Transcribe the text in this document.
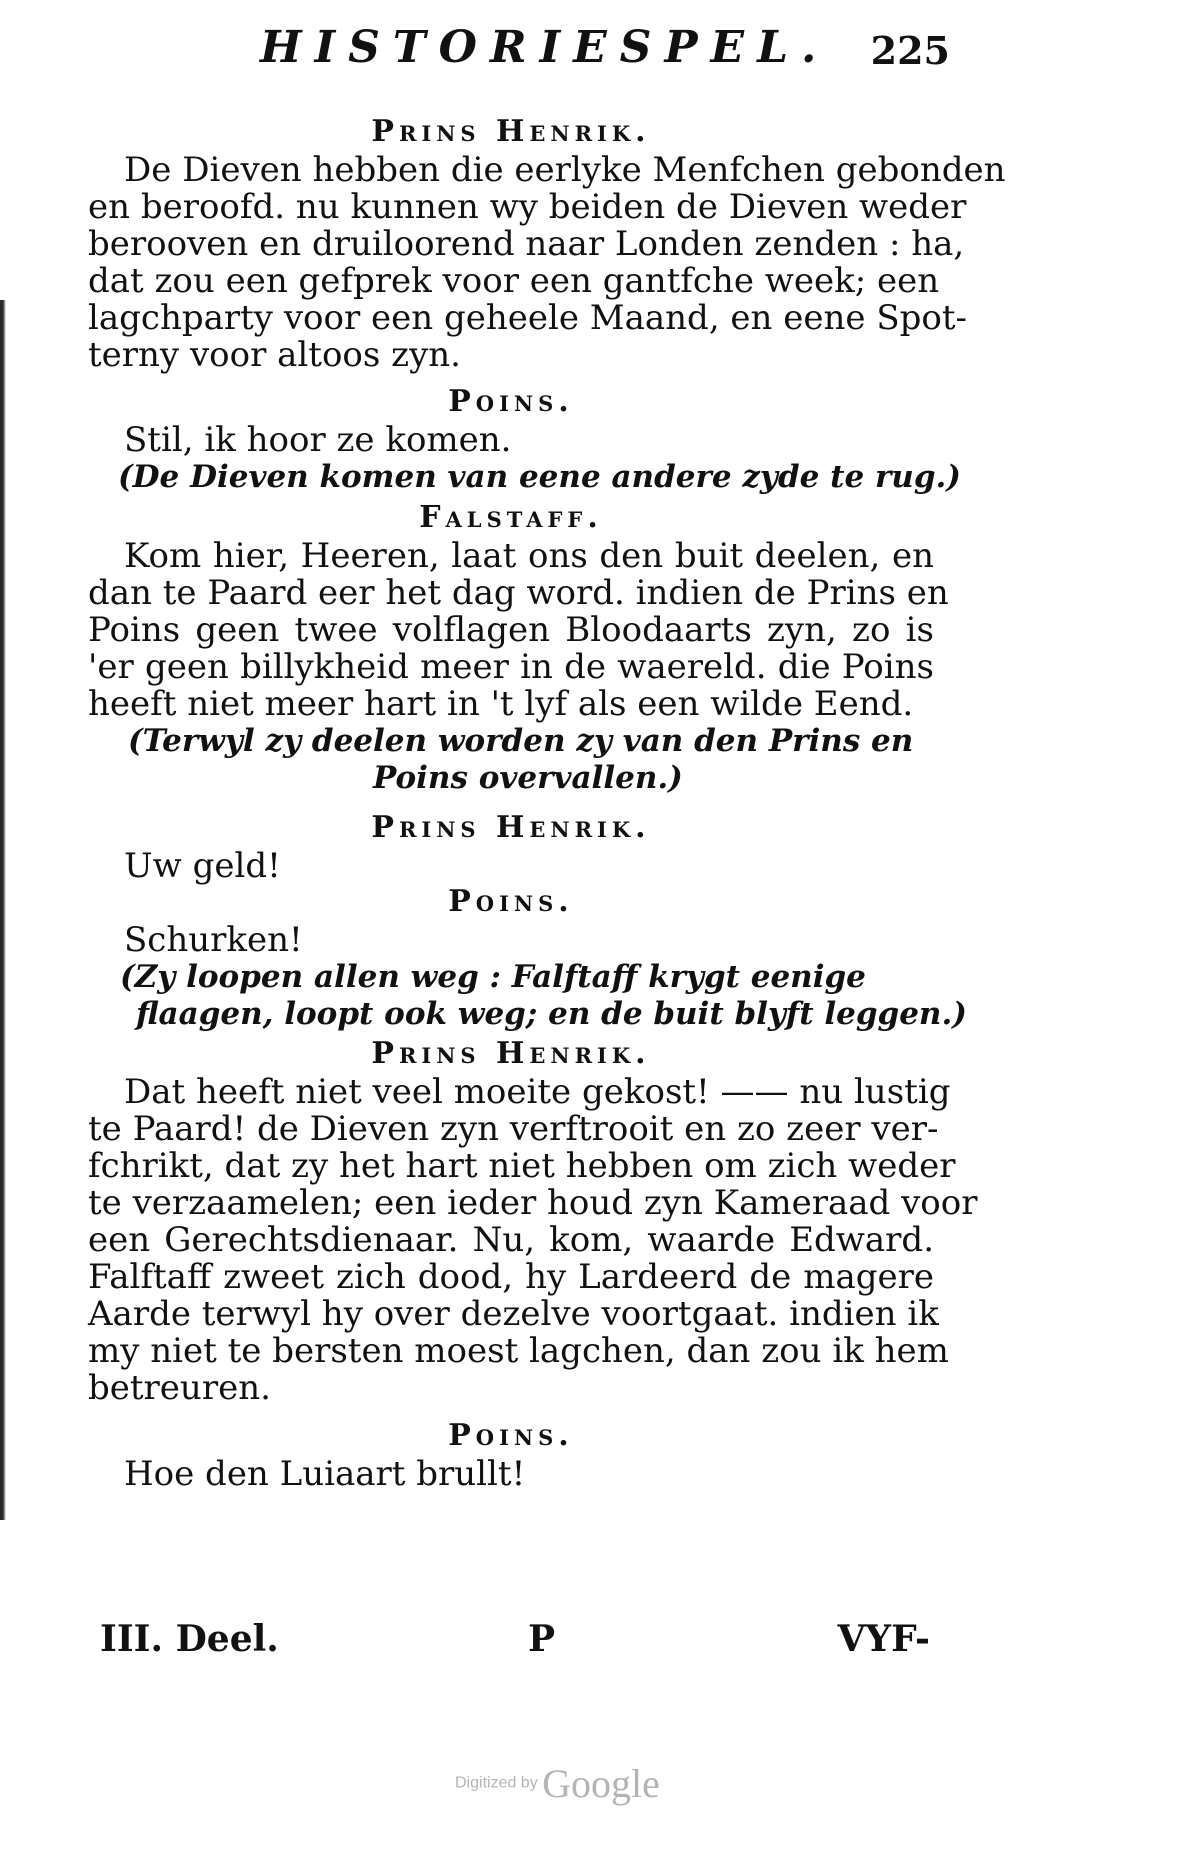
HISTORIESPEL. 225
Prins Henrik.
De Dieven hebben die eerlyke Menfchen gebonden
en beroofd. nu kunnen wy beiden de Dieven weder
berooven en druiloorend naar Londen zenden : ha,
dat zou een gefprek voor een gantfche week; een
lagchparty voor een geheele Maand, en eene Spot-
terny voor altoos zyn.
Poins.
Stil, ik hoor ze komen.
(De Dieven komen van eene andere zyde te rug.)
Falstaff.
Kom hier, Heeren, laat ons den buit deelen, en
dan te Paard eer het dag word. indien de Prins en
Poins geen twee volflagen Bloodaarts zyn, zo is
'er geen billykheid meer in de waereld. die Poins
heeft niet meer hart in 't lyf als een wilde Eend.
(Terwyl zy deelen worden zy van den Prins en
Poins overvallen.)
Prins Henrik.
Uw geld!
Poins.
Schurken!
(Zy loopen allen weg : Falftaff krygt eenige
flaagen, loopt ook weg; en de buit blyft leggen.)
Prins Henrik.
Dat heeft niet veel moeite gekost! —— nu lustig
te Paard! de Dieven zyn verftrooit en zo zeer ver-
fchrikt, dat zy het hart niet hebben om zich weder
te verzaamelen; een ieder houd zyn Kameraad voor
een Gerechtsdienaar. Nu, kom, waarde Edward.
Falftaff zweet zich dood, hy Lardeerd de magere
Aarde terwyl hy over dezelve voortgaat. indien ik
my niet te bersten moest lagchen, dan zou ik hem
betreuren.
Poins.
Hoe den Luiaart brullt!
III. Deel.	P	VYF-
Digitized by Google
